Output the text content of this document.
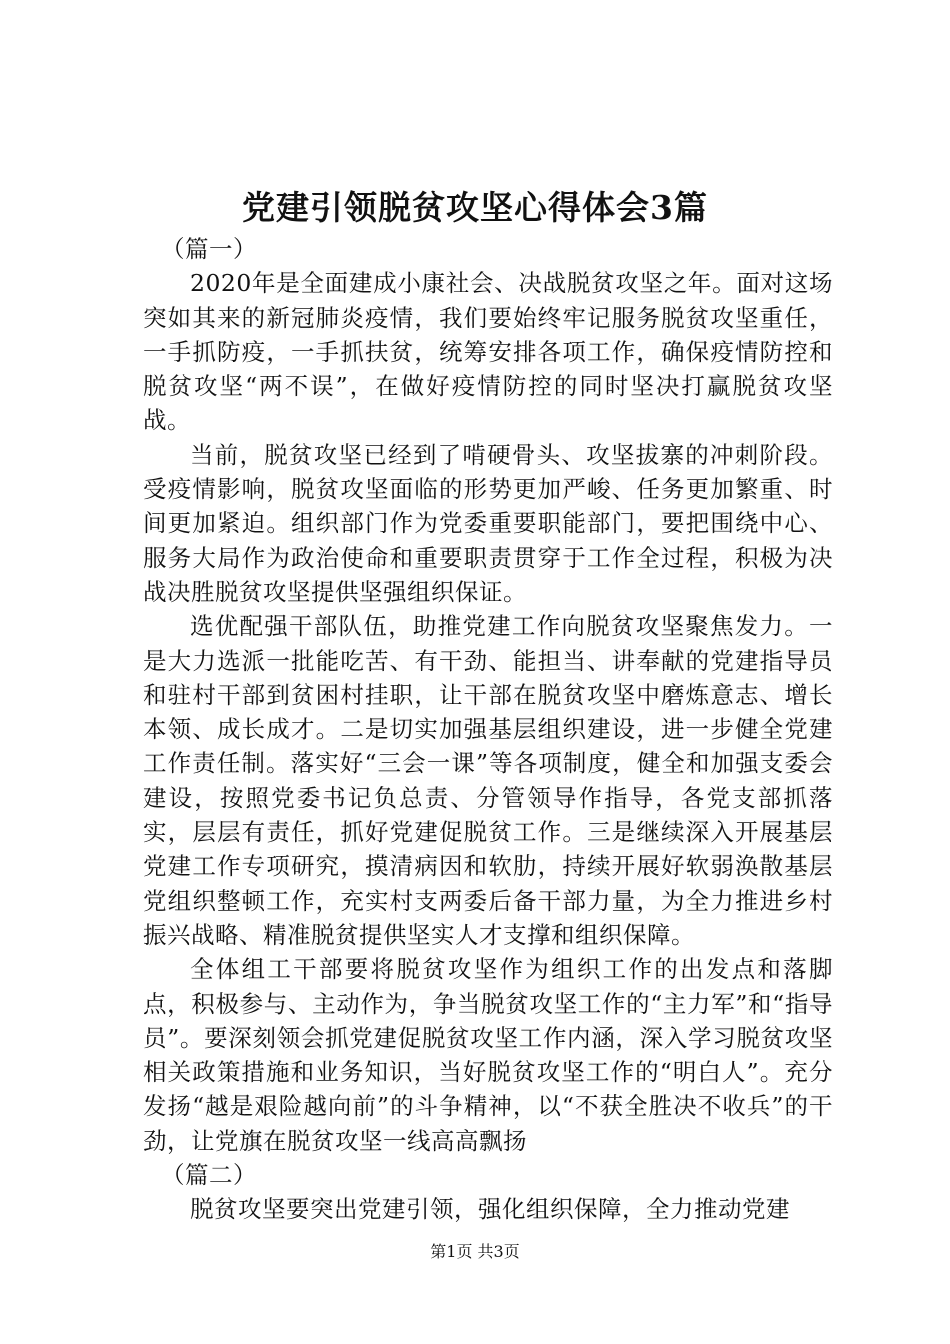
党建引领脱贫攻坚心得体会3篇

（篇一）

2020年是全面建成小康社会、决战脱贫攻坚之年。面对这场突如其来的新冠肺炎疫情，我们要始终牢记服务脱贫攻坚重任，一手抓防疫，一手抓扶贫，统筹安排各项工作，确保疫情防控和脱贫攻坚“两不误”，在做好疫情防控的同时坚决打赢脱贫攻坚战。

当前，脱贫攻坚已经到了啃硬骨头、攻坚拔寨的冲刺阶段。受疫情影响，脱贫攻坚面临的形势更加严峻、任务更加繁重、时间更加紧迫。组织部门作为党委重要职能部门，要把围绕中心、服务大局作为政治使命和重要职责贯穿于工作全过程，积极为决战决胜脱贫攻坚提供坚强组织保证。

选优配强干部队伍，助推党建工作向脱贫攻坚聚焦发力。一是大力选派一批能吃苦、有干劲、能担当、讲奉献的党建指导员和驻村干部到贫困村挂职，让干部在脱贫攻坚中磨炼意志、增长本领、成长成才。二是切实加强基层组织建设，进一步健全党建工作责任制。落实好“三会一课”等各项制度，健全和加强支委会建设，按照党委书记负总责、分管领导作指导，各党支部抓落实，层层有责任，抓好党建促脱贫工作。三是继续深入开展基层党建工作专项研究，摸清病因和软肋，持续开展好软弱涣散基层党组织整顿工作，充实村支两委后备干部力量，为全力推进乡村振兴战略、精准脱贫提供坚实人才支撑和组织保障。

全体组工干部要将脱贫攻坚作为组织工作的出发点和落脚点，积极参与、主动作为，争当脱贫攻坚工作的“主力军”和“指导员”。要深刻领会抓党建促脱贫攻坚工作内涵，深入学习脱贫攻坚相关政策措施和业务知识，当好脱贫攻坚工作的“明白人”。充分发扬“越是艰险越向前”的斗争精神，以“不获全胜决不收兵”的干劲，让党旗在脱贫攻坚一线高高飘扬

（篇二）

脱贫攻坚要突出党建引领，强化组织保障，全力推动党建

第1页 共3页
